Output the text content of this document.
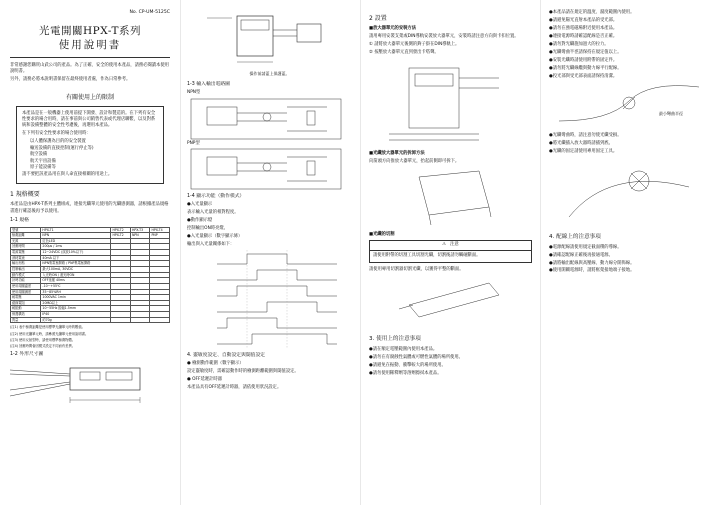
No. CP-UM-5125C
光電開關HPX-T系列
使用說明書

非常感謝您購買山武公司的產品。為了正確、安全的使用本產品，請務必閱讀本使用說明書。

另外，請務必將本說明書保留在最終使用者處，作為日常參考。

有關使用上的限制

本產品是在一般機器上使用前提下開發、設計和製造的。在下列有安全性要求的場合用時，請在事前與公司銷售代表或代理店聯繫，以及對系統和設備整體的安全性考慮後，再選用本產品。

在下列有安全性要求的場合使用時：

以人體保護為目的的安全裝置
輸送設備的直接控制(運行停止等)
航空設備
航天宇宙設備
原子能設備等

請不要把該產品用在與人命直接相關的用途上。

1 規格概要

本產品是由HPX-T系列主體組成，連接光纖單元使用的光纖感測器，請根據產品規格書進行確認後再予以使用。

1-1 規格
型號	HPX-T1	HPX-T2	HPX-T3	HPX-T4
檢測距離	NPN	HPX-T2	NPN	PNP
光源	紅色LED			
回應時間	200μs / 1ms			
電源電壓	12~24VDC (紋波10%以下)			
消耗電流	40mA 以下			
輸出形態	NPN集電極開路 / PNP集電極開路			
控制輸出	最大100mA, 30VDC			
動作模式	入光時ON / 遮光時ON			
計時功能	OFF延遲 40ms			
使用周圍溫度	-10~+55℃			
使用周圍濕度	35~85%RH			
耐電壓	1000VAC 1min			
絕緣電阻	20MΩ以上			
耐振動	10~55Hz 振幅1.5mm			
保護構造	IP40			
質量	約70g			

(注1) 表中檢測距離是使用標準光纖單元時的數值。

(注2) 使用光纖單元時，請參照光纖單元使用說明書。

(注3) 使用反射型時，請使用標準檢測物體。

(注4) 回應時間會因模式設定不同而有差異。

1-2 外形尺寸圖
操作前請蓋上保護蓋。
1-3 輸入輸出電路圖
NPN型
PNP型
1-4 顯示功能（動作模式）

● 入光量顯示

表示輸入光量的相對程度。

● 動作顯示燈

控制輸出ON時亮燈。

● 入光量顯示（數字顯示條）

輸出與入光量關係如下：

4. 靈敏度設定、自動設定與閾值設定

● 檢測動作範圍（數字顯示）

設定靈敏度時，需確認動作時的檢測距離範圍與閾值設定。

● OFF延遲計時器

本產品具有OFF延遲計時器，請依使用狀況設定。

2 設置

■ 放大器單元的安裝方法

請用專用安裝支架或DIN導軌安裝放大器單元，安裝時請注意方向與卡扣位置。

① 請將放大器單元後側的鉤子掛在DIN導軌上。

② 按壓放大器單元直到發出卡嗒聲。

■ 光纖放大器單元的拆卸方法

向箭頭方向推放大器單元，抬起前側即可拆下。

■ 光纖的切割

⚠ 注意

請使用附帶的切割工具切割光纖，切割後請勿觸碰斷面。

請使用專用切割器切割光纖，以獲得平整的斷面。

3. 使用上的注意事項

● 請在額定電壓範圍內使用本產品。

● 請勿在有腐蝕性氣體或可燃性氣體的場所使用。

● 請避免在振動、衝擊較大的場所使用。

● 請勿使用稀釋劑等溶劑擦拭本產品。

● 本產品請在規定的溫度、濕度範圍內使用。

● 請避免陽光直射本產品的受光部。

● 請勿在強電磁場附近使用本產品。

● 連接電源時請確認配線是否正確。

● 請勿對光纖施加過大的拉力。

● 光纖彎曲半徑請保持在規定值以上。

● 安裝光纖時請使用附帶的固定件。

● 請勿將光纖線纜與動力線平行配線。

● 投光部與受光部表面請保持清潔。

最小彎曲半徑

● 光纖彎曲時，請注意勿使光纖受損。

● 將光纖插入放大器時請插到底。

● 光纖的固定請使用專用固定工具。

4. 配線上的注意事項

● 電源配線請使用規定截面積的導線。

● 請確認配線正確後再接通電源。

● 請將輸出配線與高壓線、動力線分開佈線。

● 使用開關電源時，請將框架接地端子接地。
